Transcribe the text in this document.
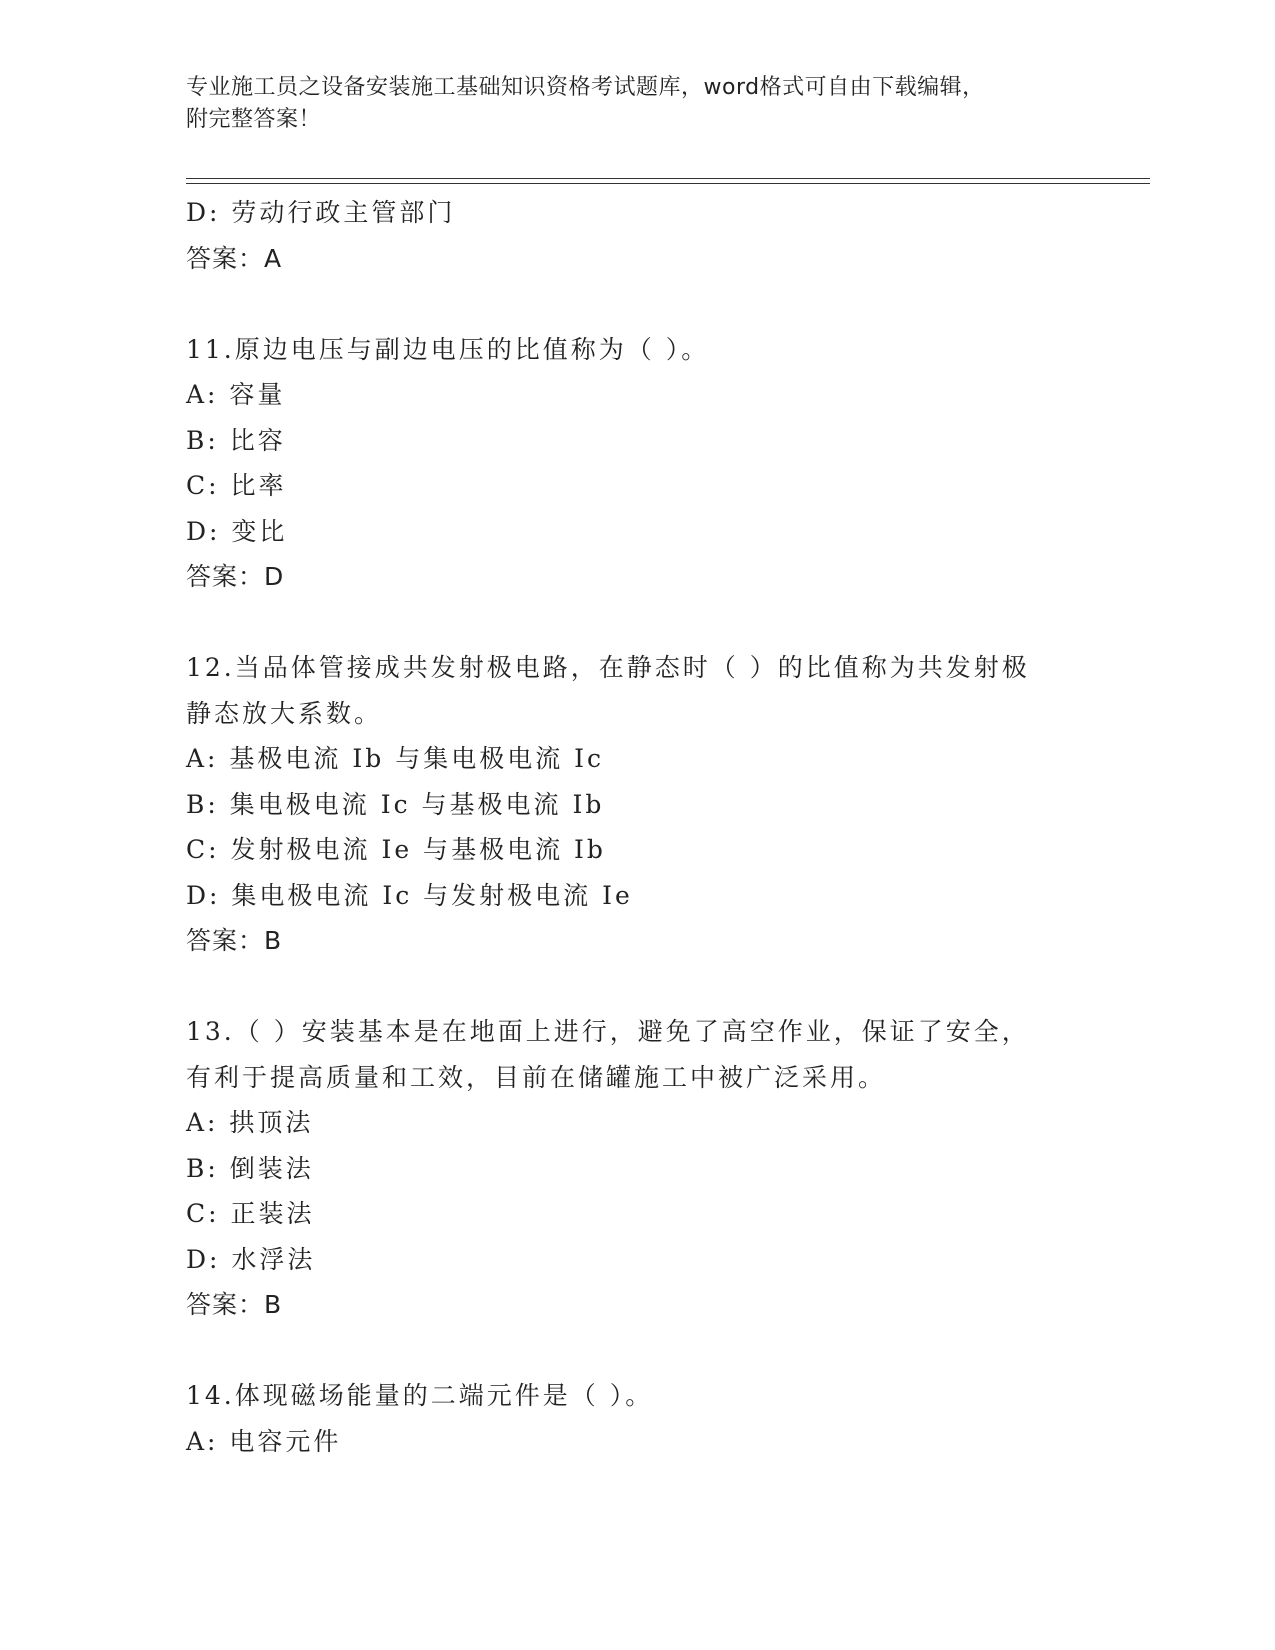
专业施工员之设备安装施工基础知识资格考试题库，word格式可自由下载编辑，
附完整答案！
D: 劳动行政主管部门
答案：A
11.原边电压与副边电压的比值称为（ ）。
A: 容量
B: 比容
C: 比率
D: 变比
答案：D
12.当品体管接成共发射极电路，在静态时（ ）的比值称为共发射极
静态放大系数。
A: 基极电流 Ib 与集电极电流 Ic
B: 集电极电流 Ic 与基极电流 Ib
C: 发射极电流 Ie 与基极电流 Ib
D: 集电极电流 Ic 与发射极电流 Ie
答案：B
13.（ ）安装基本是在地面上进行，避免了高空作业，保证了安全，
有利于提高质量和工效，目前在储罐施工中被广泛采用。
A: 拱顶法
B: 倒装法
C: 正装法
D: 水浮法
答案：B
14.体现磁场能量的二端元件是（ ）。
A: 电容元件
